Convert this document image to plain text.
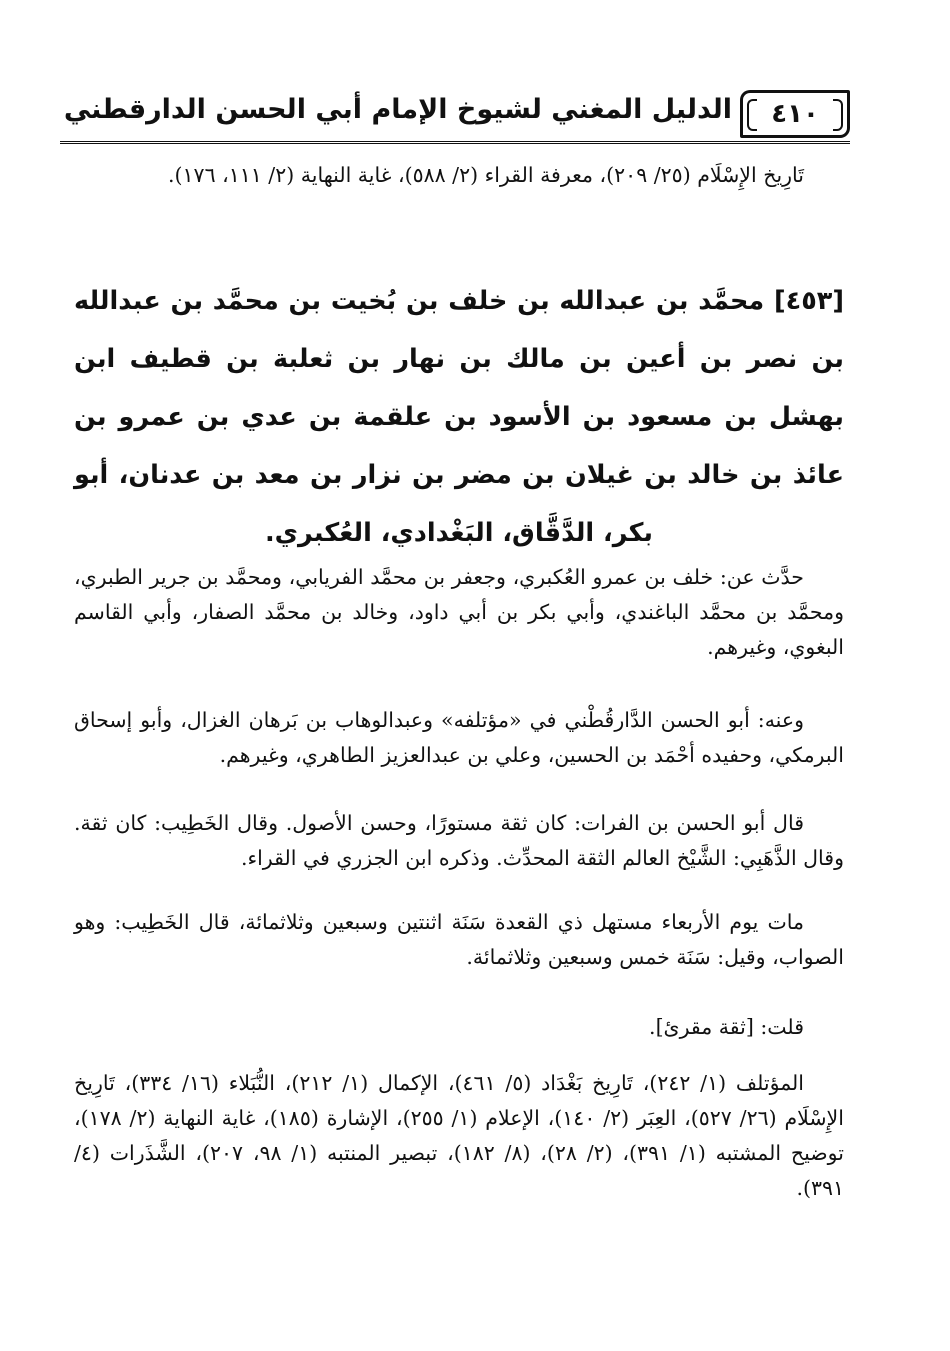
٤١٠
الدليل المغني لشيوخ الإمام أبي الحسن الدارقطني

تَارِيخ الإِسْلَام (٢٥/ ٢٠٩)، معرفة القراء (٢/ ٥٨٨)، غاية النهاية (٢/ ١١١، ١٧٦).

[٤٥٣] محمَّد بن عبدالله بن خلف بن بُخيت بن محمَّد بن عبدالله بن نصر بن أعين بن مالك بن نهار بن ثعلبة بن قطيف ابن بهشل بن مسعود بن الأسود بن علقمة بن عدي بن عمرو بن عائذ بن خالد بن غيلان بن مضر بن نزار بن معد بن عدنان، أبو بكر، الدَّقَّاق، البَغْدادي، العُكبري.

حدَّث عن: خلف بن عمرو العُكبري، وجعفر بن محمَّد الفريابي، ومحمَّد بن جرير الطبري، ومحمَّد بن محمَّد الباغندي، وأبي بكر بن أبي داود، وخالد بن محمَّد الصفار، وأبي القاسم البغوي، وغيرهم.

وعنه: أبو الحسن الدَّارقُطْني في «مؤتلفه» وعبدالوهاب بن بَرهان الغزال، وأبو إسحاق البرمكي، وحفيده أحْمَد بن الحسين، وعلي بن عبدالعزيز الطاهري، وغيرهم.

قال أبو الحسن بن الفرات: كان ثقة مستورًا، وحسن الأصول. وقال الخَطِيب: كان ثقة. وقال الذَّهَبِي: الشَّيْخ العالم الثقة المحدِّث. وذكره ابن الجزري في القراء.

مات يوم الأربعاء مستهل ذي القعدة سَنَة اثنتين وسبعين وثلاثمائة، قال الخَطِيب: وهو الصواب، وقيل: سَنَة خمس وسبعين وثلاثمائة.

قلت: [ثقة مقرئ].

المؤتلف (١/ ٢٤٢)، تَارِيخ بَغْدَاد (٥/ ٤٦١)، الإكمال (١/ ٢١٢)، النُّبَلاء (١٦/ ٣٣٤)، تَارِيخ الإِسْلَام (٢٦/ ٥٢٧)، العِبَر (٢/ ١٤٠)، الإعلام (١/ ٢٥٥)، الإشارة (١٨٥)، غاية النهاية (٢/ ١٧٨)، توضيح المشتبه (١/ ٣٩١)، (٢/ ٢٨)، (٨/ ١٨٢)، تبصير المنتبه (١/ ٩٨، ٢٠٧)، الشَّذَرات (٤/ ٣٩١).
